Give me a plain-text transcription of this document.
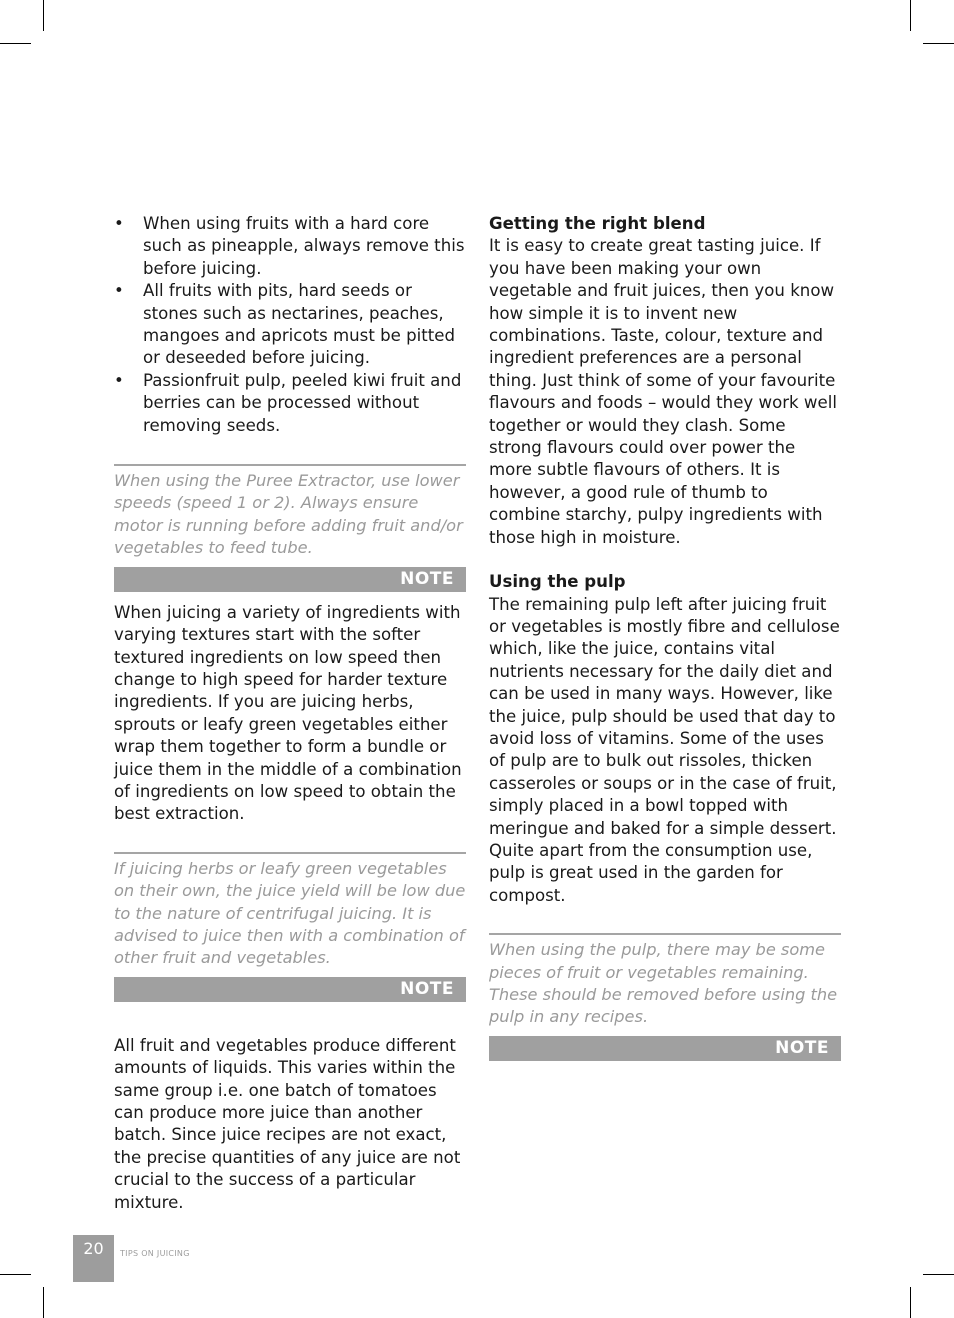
• When using fruits with a hard core such as pineapple, always remove this before juicing.
• All fruits with pits, hard seeds or stones such as nectarines, peaches, mangoes and apricots must be pitted or deseeded before juicing.
• Passionfruit pulp, peeled kiwi fruit and berries can be processed without removing seeds.

When using the Puree Extractor, use lower speeds (speed 1 or 2). Always ensure motor is running before adding fruit and/or vegetables to feed tube.

NOTE

When juicing a variety of ingredients with varying textures start with the softer textured ingredients on low speed then change to high speed for harder texture ingredients. If you are juicing herbs, sprouts or leafy green vegetables either wrap them together to form a bundle or juice them in the middle of a combination of ingredients on low speed to obtain the best extraction.

If juicing herbs or leafy green vegetables on their own, the juice yield will be low due to the nature of centrifugal juicing. It is advised to juice then with a combination of other fruit and vegetables.

NOTE

All fruit and vegetables produce different amounts of liquids. This varies within the same group i.e. one batch of tomatoes can produce more juice than another batch. Since juice recipes are not exact, the precise quantities of any juice are not crucial to the success of a particular mixture.

Getting the right blend

It is easy to create great tasting juice. If you have been making your own vegetable and fruit juices, then you know how simple it is to invent new combinations. Taste, colour, texture and ingredient preferences are a personal thing. Just think of some of your favourite flavours and foods – would they work well together or would they clash. Some strong flavours could over power the more subtle flavours of others. It is however, a good rule of thumb to combine starchy, pulpy ingredients with those high in moisture.

Using the pulp

The remaining pulp left after juicing fruit or vegetables is mostly fibre and cellulose which, like the juice, contains vital nutrients necessary for the daily diet and can be used in many ways. However, like the juice, pulp should be used that day to avoid loss of vitamins. Some of the uses of pulp are to bulk out rissoles, thicken casseroles or soups or in the case of fruit, simply placed in a bowl topped with meringue and baked for a simple dessert. Quite apart from the consumption use, pulp is great used in the garden for compost.

When using the pulp, there may be some pieces of fruit or vegetables remaining. These should be removed before using the pulp in any recipes.

NOTE
20	TIPS ON JUICING
